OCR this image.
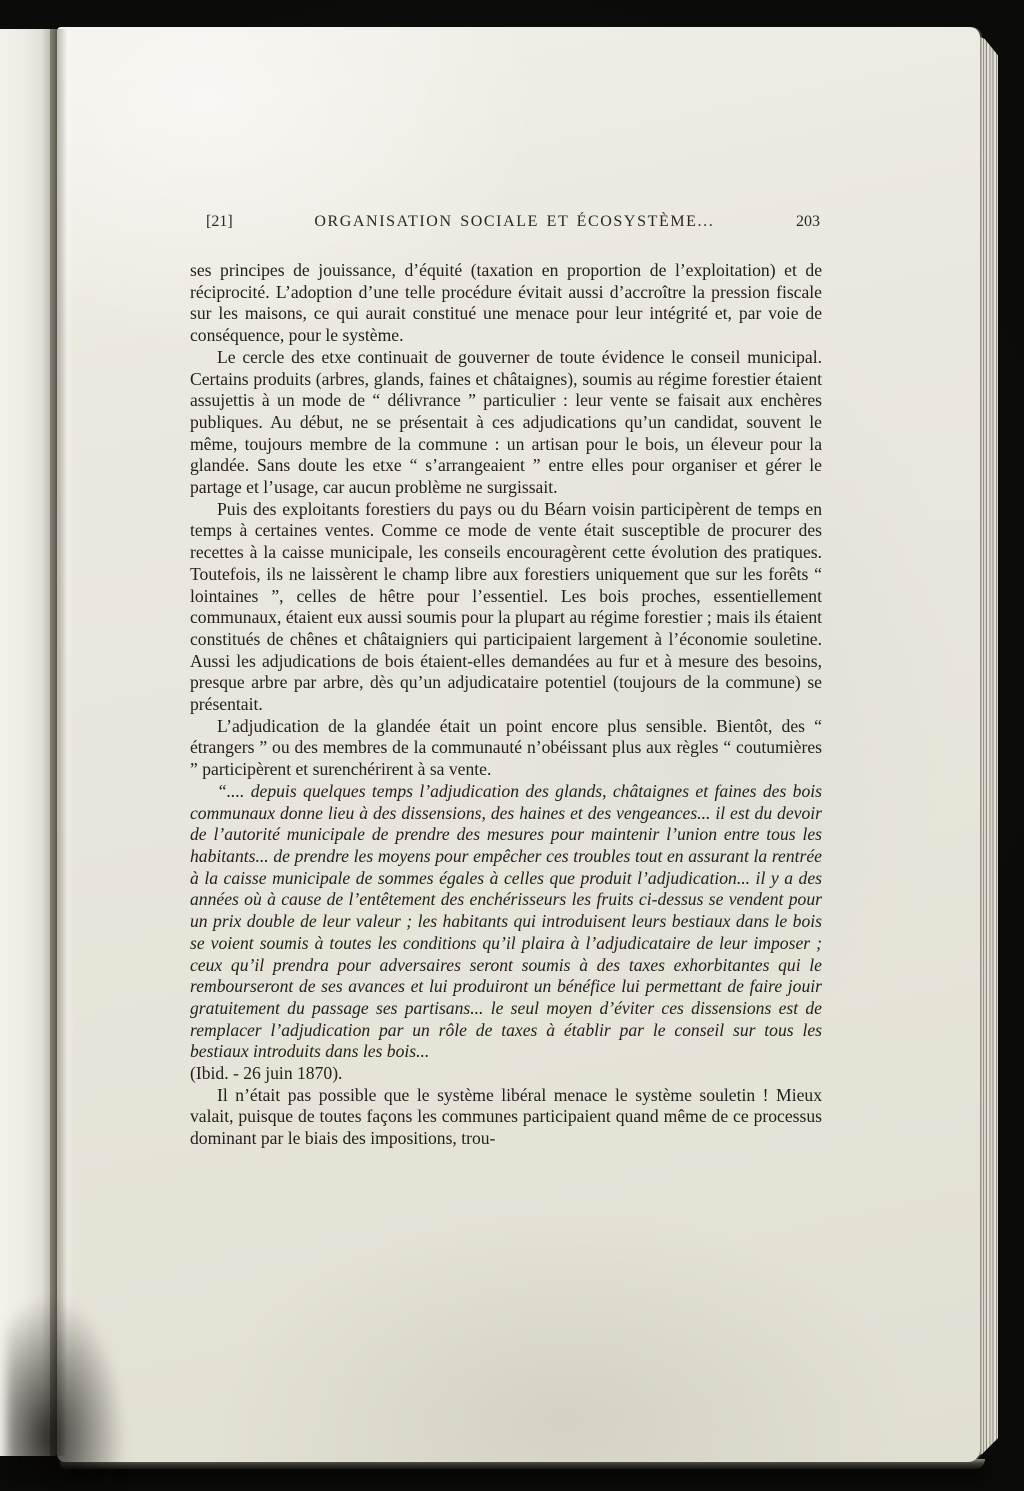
[21]	ORGANISATION SOCIALE ET ÉCOSYSTÈME...	203

ses principes de jouissance, d’équité (taxation en proportion de l’exploitation) et de réciprocité. L’adoption d’une telle procédure évitait aussi d’accroître la pression fiscale sur les maisons, ce qui aurait constitué une menace pour leur intégrité et, par voie de conséquence, pour le système.

Le cercle des etxe continuait de gouverner de toute évidence le conseil municipal. Certains produits (arbres, glands, faines et châtaignes), soumis au régime forestier étaient assujettis à un mode de “ délivrance ” particulier : leur vente se faisait aux enchères publiques. Au début, ne se présentait à ces adjudications qu’un candidat, souvent le même, toujours membre de la commune : un artisan pour le bois, un éleveur pour la glandée. Sans doute les etxe “ s’arrangeaient ” entre elles pour organiser et gérer le partage et l’usage, car aucun problème ne surgissait.

Puis des exploitants forestiers du pays ou du Béarn voisin participèrent de temps en temps à certaines ventes. Comme ce mode de vente était susceptible de procurer des recettes à la caisse municipale, les conseils encouragèrent cette évolution des pratiques. Toutefois, ils ne laissèrent le champ libre aux forestiers uniquement que sur les forêts “ lointaines ”, celles de hêtre pour l’essentiel. Les bois proches, essentiellement communaux, étaient eux aussi soumis pour la plupart au régime forestier ; mais ils étaient constitués de chênes et châtaigniers qui participaient largement à l’économie souletine. Aussi les adjudications de bois étaient-elles demandées au fur et à mesure des besoins, presque arbre par arbre, dès qu’un adjudicataire potentiel (toujours de la commune) se présentait.

L’adjudication de la glandée était un point encore plus sensible. Bientôt, des “ étrangers ” ou des membres de la communauté n’obéissant plus aux règles “ coutumières ” participèrent et surenchérirent à sa vente.

“.... depuis quelques temps l’adjudication des glands, châtaignes et faines des bois communaux donne lieu à des dissensions, des haines et des vengeances... il est du devoir de l’autorité municipale de prendre des mesures pour maintenir l’union entre tous les habitants... de prendre les moyens pour empêcher ces troubles tout en assurant la rentrée à la caisse municipale de sommes égales à celles que produit l’adjudication... il y a des années où à cause de l’entêtement des enchérisseurs les fruits ci-dessus se vendent pour un prix double de leur valeur ; les habitants qui introduisent leurs bestiaux dans le bois se voient soumis à toutes les conditions qu’il plaira à l’adjudicataire de leur imposer ; ceux qu’il prendra pour adversaires seront soumis à des taxes exhorbitantes qui le rembourseront de ses avances et lui produiront un bénéfice lui permettant de faire jouir gratuitement du passage ses partisans... le seul moyen d’éviter ces dissensions est de remplacer l’adjudication par un rôle de taxes à établir par le conseil sur tous les bestiaux introduits dans les bois...

(Ibid. - 26 juin 1870).

Il n’était pas possible que le système libéral menace le système souletin ! Mieux valait, puisque de toutes façons les communes participaient quand même de ce processus dominant par le biais des impositions, trou-
